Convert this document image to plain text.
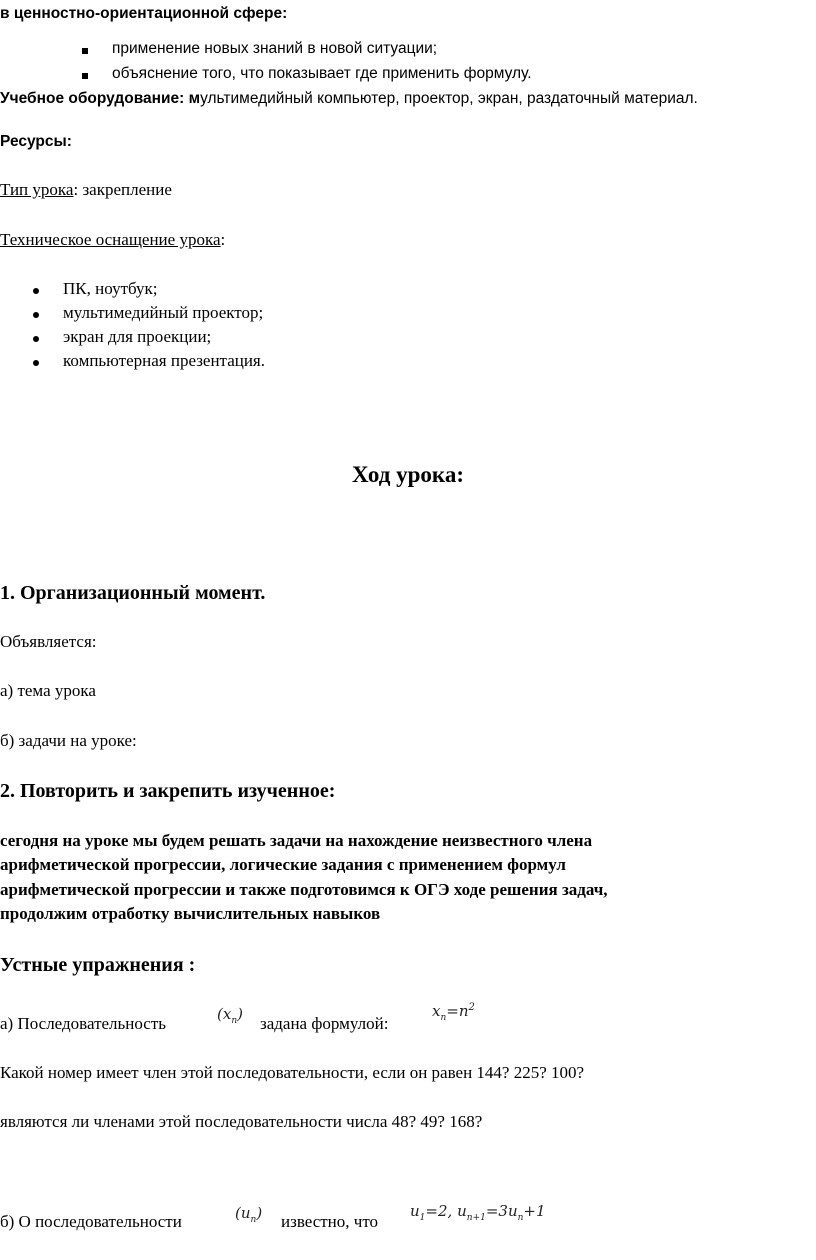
в ценностно-ориентационной сфере:
применение новых знаний в новой ситуации;
объяснение того, что показывает где применить формулу.
Учебное оборудование: мультимедийный компьютер, проектор, экран, раздаточный материал.
Ресурсы:
Тип урока: закрепление
Техническое оснащение урока:
ПК, ноутбук;
мультимедийный проектор;
экран для проекции;
компьютерная презентация.
Ход урока:
1. Организационный момент.
Объявляется:
а) тема урока
б) задачи на уроке:
2. Повторить и закрепить изученное:
сегодня на уроке мы будем решать задачи на нахождение неизвестного члена
арифметической прогрессии, логические задания с применением формул
арифметической прогрессии и также подготовимся к ОГЭ ходе решения задач,
продолжим отработку вычислительных навыков
Устные упражнения :
а) Последовательность	$(x_n)$ задана формулой:
$x_n=n^2$
Какой номер имеет член этой последовательности, если он равен 144? 225? 100?
являются ли членами этой последовательности числа 48? 49? 168?
б) О последовательности	$(u_n)$ известно, что
$u_1=2$, $u_{n+1}=3u_n+1$
